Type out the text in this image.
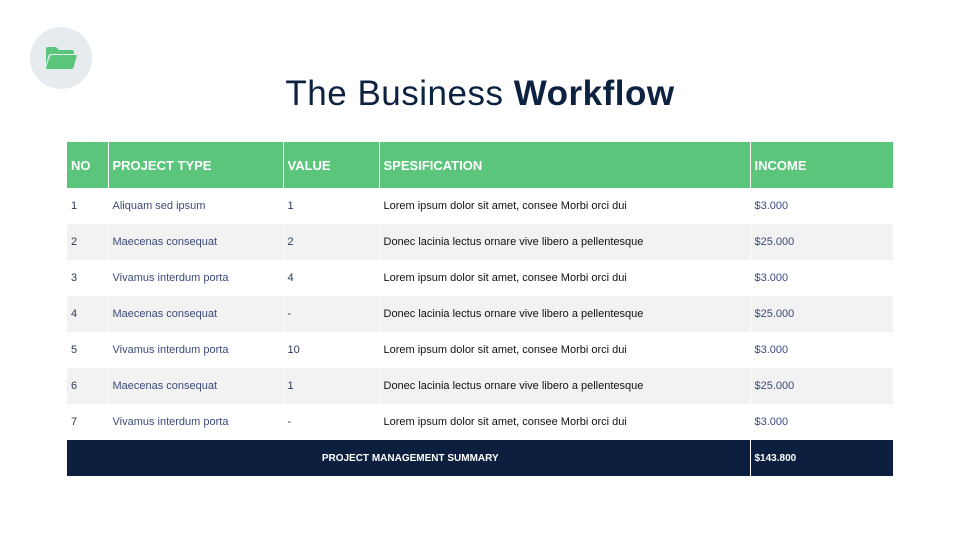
The Business Workflow
NO	PROJECT TYPE	VALUE	SPESIFICATION	INCOME
1	Aliquam sed ipsum	1	Lorem ipsum dolor sit amet, consee Morbi orci dui	$3.000
2	Maecenas consequat	2	Donec lacinia lectus ornare vive libero a pellentesque	$25.000
3	Vivamus interdum porta	4	Lorem ipsum dolor sit amet, consee Morbi orci dui	$3.000
4	Maecenas consequat	-	Donec lacinia lectus ornare vive libero a pellentesque	$25.000
5	Vivamus interdum porta	10	Lorem ipsum dolor sit amet, consee Morbi orci dui	$3.000
6	Maecenas consequat	1	Donec lacinia lectus ornare vive libero a pellentesque	$25.000
7	Vivamus interdum porta	-	Lorem ipsum dolor sit amet, consee Morbi orci dui	$3.000
PROJECT MANAGEMENT SUMMARY				$143.800
